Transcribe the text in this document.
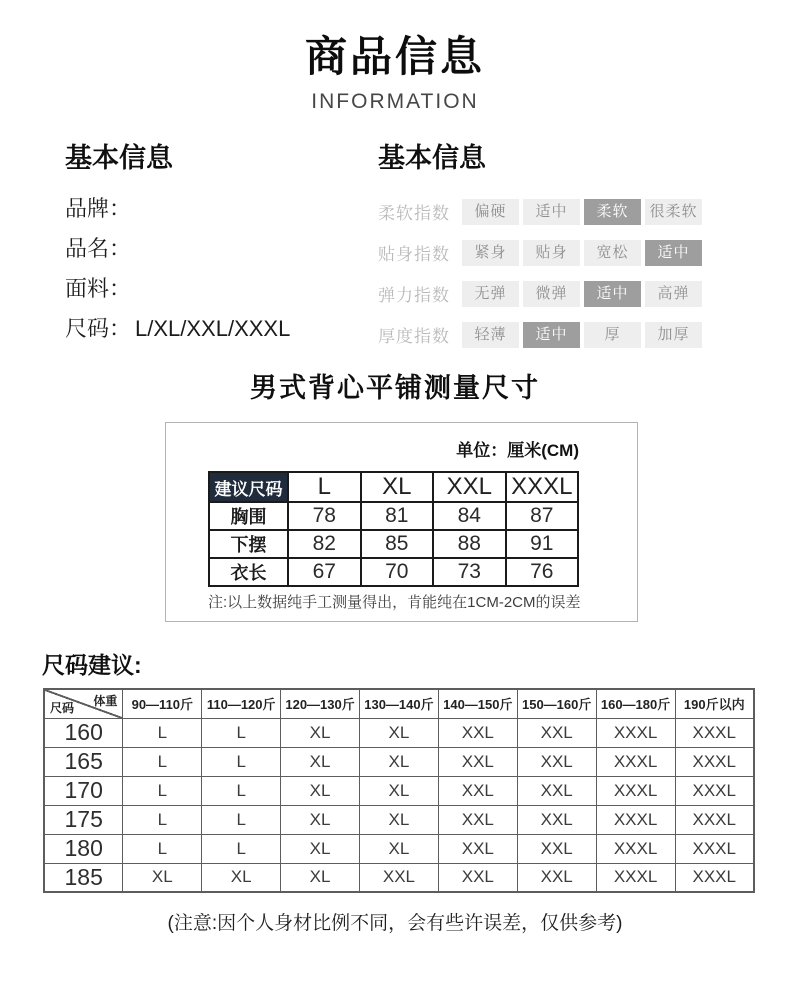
商品信息
INFORMATION
基本信息
品牌：
品名：
面料：
尺码： L/XL/XXL/XXXL
基本信息
柔软指数	偏硬	适中	柔软	很柔软
贴身指数	紧身	贴身	宽松	适中
弹力指数	无弹	微弹	适中	高弹
厚度指数	轻薄	适中	厚	加厚
男式背心平铺测量尺寸
单位：厘米(CM)
建议尺码	L	XL	XXL	XXXL
胸围	78	81	84	87
下摆	82	85	88	91
衣长	67	70	73	76
注:以上数据纯手工测量得出，肯能纯在1CM-2CM的误差
尺码建议:
体重
尺码	90—110斤	110—120斤	120—130斤	130—140斤	140—150斤	150—160斤	160—180斤	190斤以内
160	L	L	XL	XL	XXL	XXL	XXXL	XXXL
165	L	L	XL	XL	XXL	XXL	XXXL	XXXL
170	L	L	XL	XL	XXL	XXL	XXXL	XXXL
175	L	L	XL	XL	XXL	XXL	XXXL	XXXL
180	L	L	XL	XL	XXL	XXL	XXXL	XXXL
185	XL	XL	XL	XXL	XXL	XXL	XXXL	XXXL
(注意:因个人身材比例不同，会有些许误差，仅供参考)
